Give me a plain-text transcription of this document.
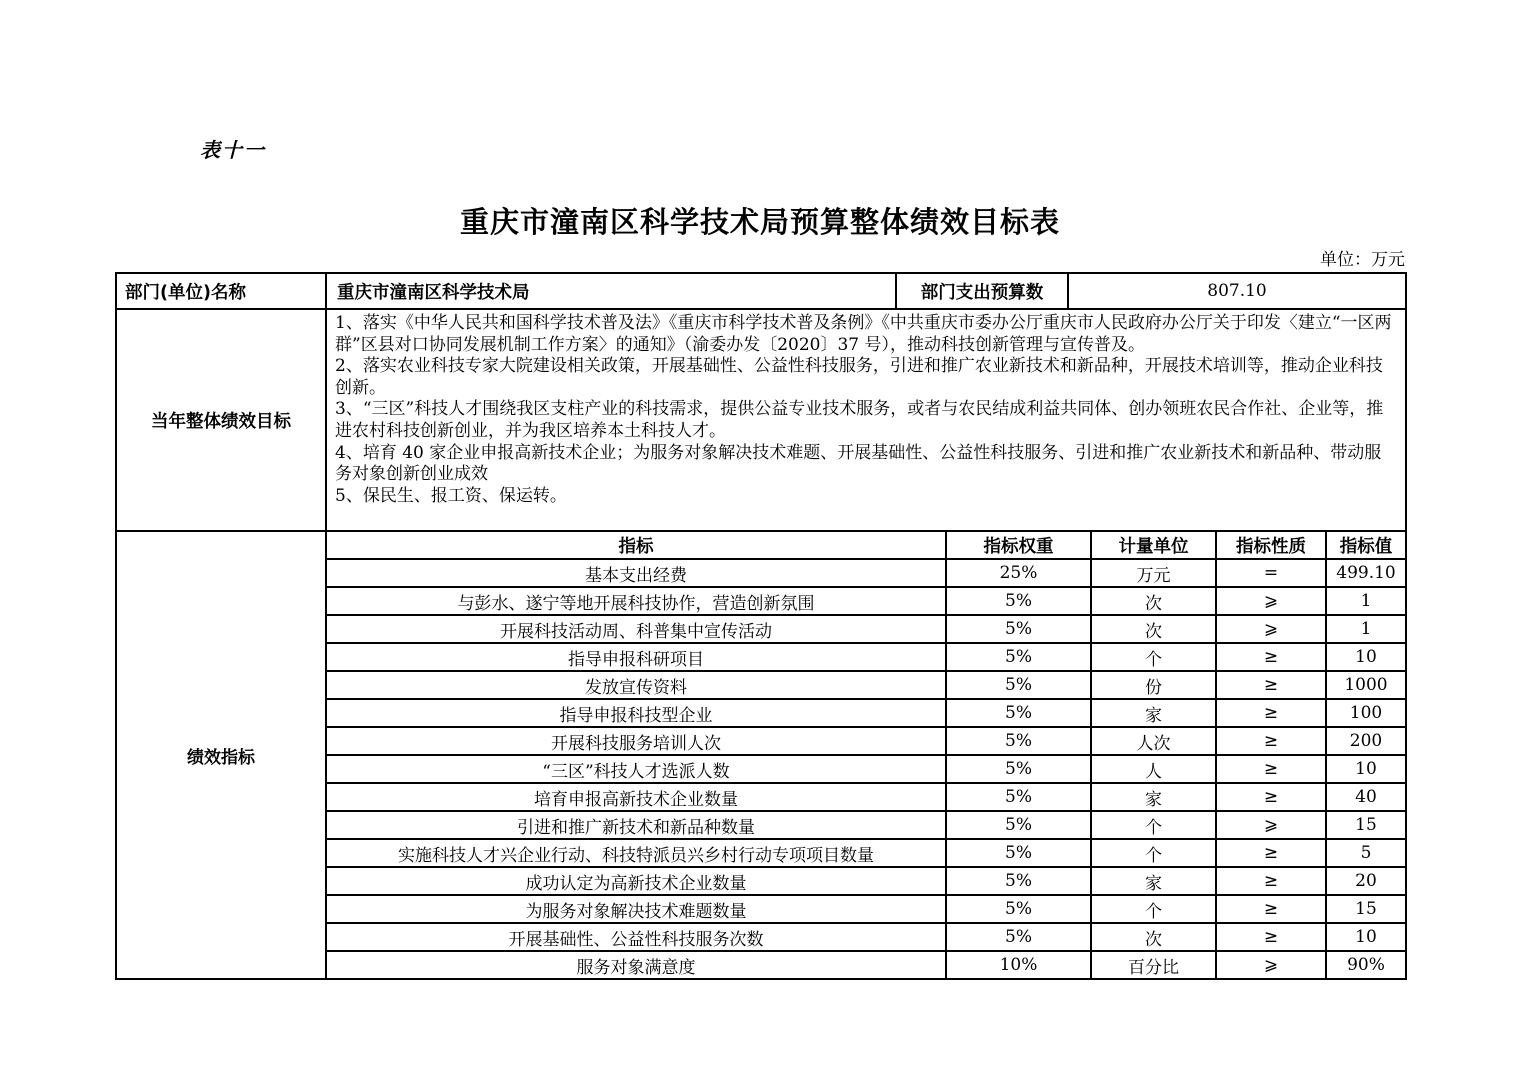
表十一
重庆市潼南区科学技术局预算整体绩效目标表
单位：万元
部门(单位)名称	重庆市潼南区科学技术局	部门支出预算数	807.10
当年整体绩效目标	
1、落实《中华人民共和国科学技术普及法》《重庆市科学技术普及条例》《中共重庆市委办公厅重庆市人民政府办公厅关于印发〈建立“一区两群”区县对口协同发展机制工作方案〉的通知》（渝委办发〔2020〕37 号），推动科技创新管理与宣传普及。
2、落实农业科技专家大院建设相关政策，开展基础性、公益性科技服务，引进和推广农业新技术和新品种，开展技术培训等，推动企业科技创新。
3、“三区”科技人才围绕我区支柱产业的科技需求，提供公益专业技术服务，或者与农民结成利益共同体、创办领班农民合作社、企业等，推进农村科技创新创业，并为我区培养本土科技人才。
4、培育 40 家企业申报高新技术企业；为服务对象解决技术难题、开展基础性、公益性科技服务、引进和推广农业新技术和新品种、带动服务对象创新创业成效
5、保民生、报工资、保运转。
绩效指标	指标	指标权重	计量单位	指标性质	指标值
	基本支出经费	25%	万元	=	499.10
	与彭水、遂宁等地开展科技协作，营造创新氛围	5%	次	⩾	1
	开展科技活动周、科普集中宣传活动	5%	次	⩾	1
	指导申报科研项目	5%	个	≥	10
	发放宣传资料	5%	份	≥	1000
	指导申报科技型企业	5%	家	≥	100
	开展科技服务培训人次	5%	人次	≥	200
	“三区”科技人才选派人数	5%	人	≥	10
	培育申报高新技术企业数量	5%	家	≥	40
	引进和推广新技术和新品种数量	5%	个	⩾	15
	实施科技人才兴企业行动、科技特派员兴乡村行动专项项目数量	5%	个	≥	5
	成功认定为高新技术企业数量	5%	家	≥	20
	为服务对象解决技术难题数量	5%	个	≥	15
	开展基础性、公益性科技服务次数	5%	次	≥	10
	服务对象满意度	10%	百分比	⩾	90%
